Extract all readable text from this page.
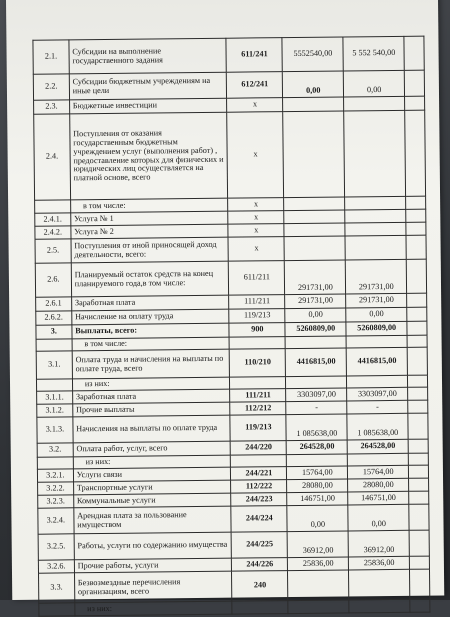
2.1.	Субсидии на выполнение государственного задания	611/241	5552540,00	5 552 540,00	
2.2.	Субсидии бюджетным учреждениям на иные цели	612/241	0,00	0,00	
2.3.	Бюджетные инвестиции	x			
2.4.	Поступления от оказания государственным бюджетным учреждением услуг (выполнения работ) , предоставление которых для физических и юридических лиц осуществляется на платной основе, всего	x			
	в том числе:	x			
2.4.1.	Услуга № 1	x			
2.4.2.	Услуга № 2	x			
2.5.	Поступления от иной приносящей доход деятельности, всего:	x			
2.6.	Планируемый остаток средств на конец планируемого года,в том числе:	611/211	291731,00	291731,00	
2.6.1	Заработная плата	111/211	291731,00	291731,00	
2.6.2.	Начисление на оплату труда	119/213	0,00	0,00	
3.	Выплаты, всего:	900	5260809,00	5260809,00	
	в том числе:				
3.1.	Оплата труда и начисления на выплаты по оплате труда, всего	110/210	4416815,00	4416815,00	
	из них:				
3.1.1.	Заработная плата	111/211	3303097,00	3303097,00	
3.1.2.	Прочие выплаты	112/212	-	-	
3.1.3.	Начисления на выплаты по оплате труда	119/213	1 085638,00	1 085638,00	
3.2.	Оплата работ, услуг, всего	244/220	264528,00	264528,00	
	из них:				
3.2.1.	Услуги связи	244/221	15764,00	15764,00	
3.2.2.	Транспортные услуги	112/222	28080,00	28080,00	
3.2.3.	Коммунальные услуги	244/223	146751,00	146751,00	
3.2.4.	Арендная плата за пользование имуществом	244/224	0,00	0,00	
3.2.5.	Работы, услуги по содержанию имущества	244/225	36912,00	36912,00	
3.2.6.	Прочие работы, услуги	244/226	25836,00	25836,00	
3.3.	Безвозмездные перечисления организациям, всего	240			
	из них:				
